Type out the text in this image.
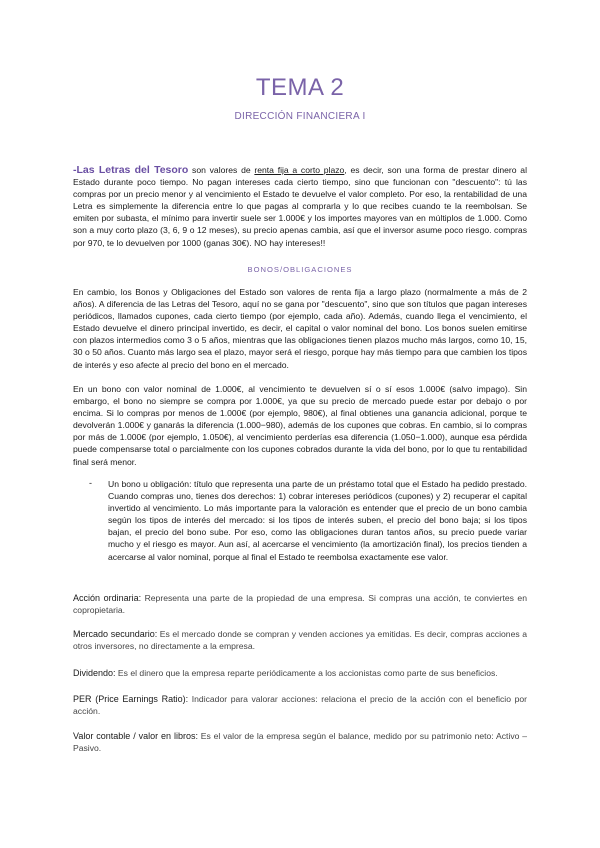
TEMA 2
DIRECCIÓN FINANCIERA I

-Las Letras del Tesoro son valores de renta fija a corto plazo, es decir, son una forma de prestar dinero al Estado durante poco tiempo. No pagan intereses cada cierto tiempo, sino que funcionan con "descuento": tú las compras por un precio menor y al vencimiento el Estado te devuelve el valor completo. Por eso, la rentabilidad de una Letra es simplemente la diferencia entre lo que pagas al comprarla y lo que recibes cuando te la reembolsan. Se emiten por subasta, el mínimo para invertir suele ser 1.000€ y los importes mayores van en múltiplos de 1.000. Como son a muy corto plazo (3, 6, 9 o 12 meses), su precio apenas cambia, así que el inversor asume poco riesgo. compras por 970, te lo devuelven por 1000 (ganas 30€). NO hay intereses!!

BONOS/OBLIGACIONES

En cambio, los Bonos y Obligaciones del Estado son valores de renta fija a largo plazo (normalmente a más de 2 años). A diferencia de las Letras del Tesoro, aquí no se gana por "descuento", sino que son títulos que pagan intereses periódicos, llamados cupones, cada cierto tiempo (por ejemplo, cada año). Además, cuando llega el vencimiento, el Estado devuelve el dinero principal invertido, es decir, el capital o valor nominal del bono. Los bonos suelen emitirse con plazos intermedios como 3 o 5 años, mientras que las obligaciones tienen plazos mucho más largos, como 10, 15, 30 o 50 años. Cuanto más largo sea el plazo, mayor será el riesgo, porque hay más tiempo para que cambien los tipos de interés y eso afecte al precio del bono en el mercado.

En un bono con valor nominal de 1.000€, al vencimiento te devuelven sí o sí esos 1.000€ (salvo impago). Sin embargo, el bono no siempre se compra por 1.000€, ya que su precio de mercado puede estar por debajo o por encima. Si lo compras por menos de 1.000€ (por ejemplo, 980€), al final obtienes una ganancia adicional, porque te devolverán 1.000€ y ganarás la diferencia (1.000−980), además de los cupones que cobras. En cambio, si lo compras por más de 1.000€ (por ejemplo, 1.050€), al vencimiento perderías esa diferencia (1.050−1.000), aunque esa pérdida puede compensarse total o parcialmente con los cupones cobrados durante la vida del bono, por lo que tu rentabilidad final será menor.

- Un bono u obligación: título que representa una parte de un préstamo total que el Estado ha pedido prestado. Cuando compras uno, tienes dos derechos: 1) cobrar intereses periódicos (cupones) y 2) recuperar el capital invertido al vencimiento. Lo más importante para la valoración es entender que el precio de un bono cambia según los tipos de interés del mercado: si los tipos de interés suben, el precio del bono baja; si los tipos bajan, el precio del bono sube. Por eso, como las obligaciones duran tantos años, su precio puede variar mucho y el riesgo es mayor. Aun así, al acercarse el vencimiento (la amortización final), los precios tienden a acercarse al valor nominal, porque al final el Estado te reembolsa exactamente ese valor.

Acción ordinaria: Representa una parte de la propiedad de una empresa. Si compras una acción, te conviertes en copropietaria.

Mercado secundario: Es el mercado donde se compran y venden acciones ya emitidas. Es decir, compras acciones a otros inversores, no directamente a la empresa.

Dividendo: Es el dinero que la empresa reparte periódicamente a los accionistas como parte de sus beneficios.

PER (Price Earnings Ratio): Indicador para valorar acciones: relaciona el precio de la acción con el beneficio por acción.

Valor contable / valor en libros: Es el valor de la empresa según el balance, medido por su patrimonio neto: Activo – Pasivo.
